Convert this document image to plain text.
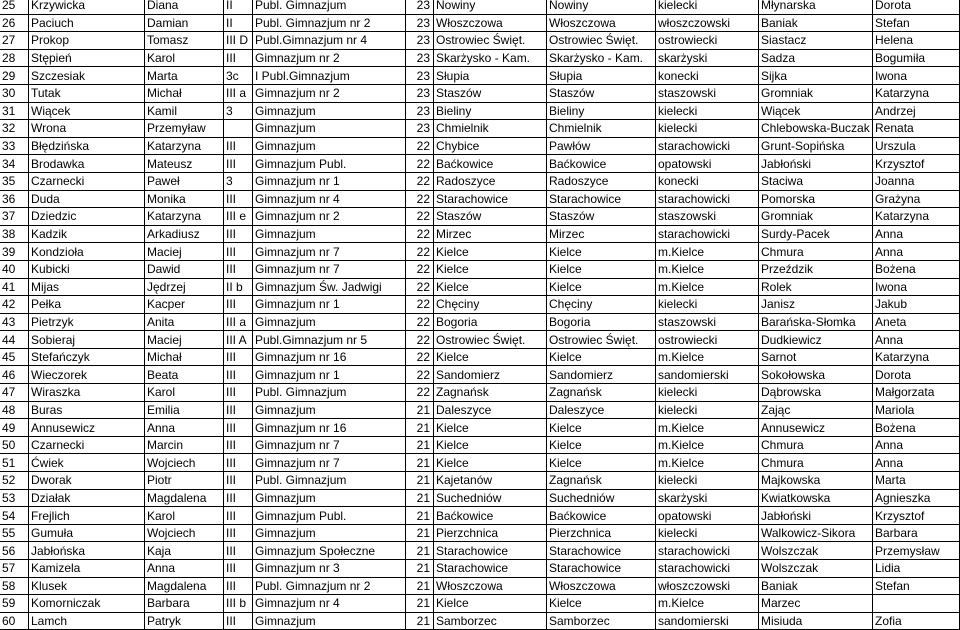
25	Krzywicka	Diana	II	Publ. Gimnazjum	23	Nowiny	Nowiny	kielecki	Młynarska	Dorota
26	Paciuch	Damian	II	Publ. Gimnazjum nr 2	23	Włoszczowa	Włoszczowa	włoszczowski	Baniak	Stefan
27	Prokop	Tomasz	III D	Publ.Gimnazjum nr 4	23	Ostrowiec Święt.	Ostrowiec Święt.	ostrowiecki	Siastacz	Helena
28	Stępień	Karol	III	Gimnazjum nr 2	23	Skarżysko - Kam.	Skarżysko - Kam.	skarżyski	Sadza	Bogumiła
29	Szczesiak	Marta	3c	I Publ.Gimnazjum	23	Słupia	Słupia	konecki	Sijka	Iwona
30	Tutak	Michał	III a	Gimnazjum nr 2	23	Staszów	Staszów	staszowski	Gromniak	Katarzyna
31	Wiącek	Kamil	3	Gimnazjum	23	Bieliny	Bieliny	kielecki	Wiącek	Andrzej
32	Wrona	Przemyław		Gimnazjum	23	Chmielnik	Chmielnik	kielecki	Chlebowska-Buczak	Renata
33	Błędzińska	Katarzyna	III	Gimnazjum	22	Chybice	Pawłów	starachowicki	Grunt-Sopińska	Urszula
34	Brodawka	Mateusz	III	Gimnazjum Publ.	22	Baćkowice	Baćkowice	opatowski	Jabłoński	Krzysztof
35	Czarnecki	Paweł	3	Gimnazjum nr 1	22	Radoszyce	Radoszyce	konecki	Staciwa	Joanna
36	Duda	Monika	III	Gimnazjum nr 4	22	Starachowice	Starachowice	starachowicki	Pomorska	Grażyna
37	Dziedzic	Katarzyna	III e	Gimnazjum nr 2	22	Staszów	Staszów	staszowski	Gromniak	Katarzyna
38	Kadzik	Arkadiusz	III	Gimnazjum	22	Mirzec	Mirzec	starachowicki	Surdy-Pacek	Anna
39	Kondzioła	Maciej	III	Gimnazjum nr 7	22	Kielce	Kielce	m.Kielce	Chmura	Anna
40	Kubicki	Dawid	III	Gimnazjum nr 7	22	Kielce	Kielce	m.Kielce	Przeździk	Bożena
41	Mijas	Jędrzej	II b	Gimnazjum Św. Jadwigi	22	Kielce	Kielce	m.Kielce	Rolek	Iwona
42	Pełka	Kacper	III	Gimnazjum nr 1	22	Chęciny	Chęciny	kielecki	Janisz	Jakub
43	Pietrzyk	Anita	III a	Gimnazjum	22	Bogoria	Bogoria	staszowski	Barańska-Słomka	Aneta
44	Sobieraj	Maciej	III A	Publ.Gimnazjum nr 5	22	Ostrowiec Święt.	Ostrowiec Święt.	ostrowiecki	Dudkiewicz	Anna
45	Stefańczyk	Michał	III	Gimnazjum nr 16	22	Kielce	Kielce	m.Kielce	Sarnot	Katarzyna
46	Wieczorek	Beata	III	Gimnazjum nr 1	22	Sandomierz	Sandomierz	sandomierski	Sokołowska	Dorota
47	Wiraszka	Karol	III	Publ. Gimnazjum	22	Zagnańsk	Zagnańsk	kielecki	Dąbrowska	Małgorzata
48	Buras	Emilia	III	Gimnazjum	21	Daleszyce	Daleszyce	kielecki	Zając	Mariola
49	Annusewicz	Anna	III	Gimnazjum nr 16	21	Kielce	Kielce	m.Kielce	Annusewicz	Bożena
50	Czarnecki	Marcin	III	Gimnazjum nr 7	21	Kielce	Kielce	m.Kielce	Chmura	Anna
51	Ćwiek	Wojciech	III	Gimnazjum nr 7	21	Kielce	Kielce	m.Kielce	Chmura	Anna
52	Dworak	Piotr	III	Publ. Gimnazjum	21	Kajetanów	Zagnańsk	kielecki	Majkowska	Marta
53	Działak	Magdalena	III	Gimnazjum	21	Suchedniów	Suchedniów	skarżyski	Kwiatkowska	Agnieszka
54	Frejlich	Karol	III	Gimnazjum Publ.	21	Baćkowice	Baćkowice	opatowski	Jabłoński	Krzysztof
55	Gumuła	Wojciech	III	Gimnazjum	21	Pierzchnica	Pierzchnica	kielecki	Walkowicz-Sikora	Barbara
56	Jabłońska	Kaja	III	Gimnazjum Społeczne	21	Starachowice	Starachowice	starachowicki	Wolszczak	Przemysław
57	Kamizela	Anna	III	Gimnazjum nr 3	21	Starachowice	Starachowice	starachowicki	Wolszczak	Lidia
58	Klusek	Magdalena	III	Publ. Gimnazjum nr 2	21	Włoszczowa	Włoszczowa	włoszczowski	Baniak	Stefan
59	Komorniczak	Barbara	III b	Gimnazjum nr 4	21	Kielce	Kielce	m.Kielce	Marzec	
60	Lamch	Patryk	III	Gimnazjum	21	Samborzec	Samborzec	sandomierski	Misiuda	Zofia
